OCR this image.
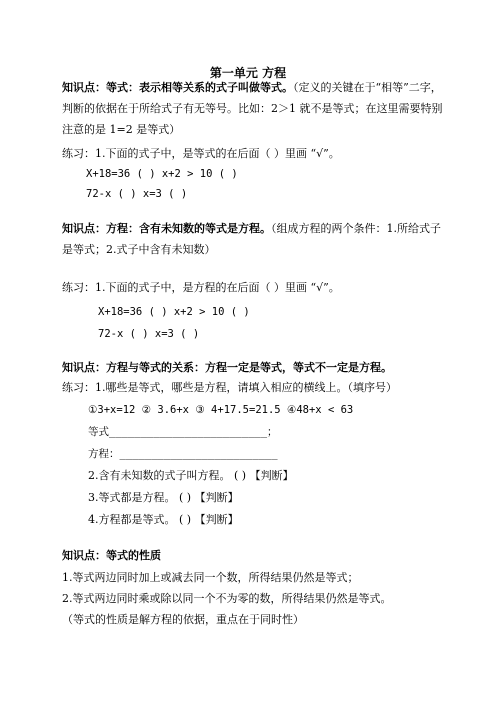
第一单元 方程
知识点：等式：表示相等关系的式子叫做等式。（定义的关键在于“相等”二字，判断的依据在于所给式子有无等号。比如：2＞1 就不是等式；在这里需要特别注意的是 1=2 是等式）
练习：1.下面的式子中，是等式的在后面（ ）里画 “√”。
X+18=36 ( ) x+2 > 10 ( )
72-x ( ) x=3 ( )
知识点：方程：含有未知数的等式是方程。（组成方程的两个条件：1.所给式子是等式；2.式子中含有未知数）
练习：1.下面的式子中，是方程的在后面（ ）里画 “√”。
X+18=36 ( ) x+2 > 10 ( )
72-x ( ) x=3 ( )
知识点：方程与等式的关系：方程一定是等式，等式不一定是方程。
练习：1.哪些是等式，哪些是方程，请填入相应的横线上。（填序号）
①3+x=12 ② 3.6+x ③ 4+17.5=21.5 ④48+x < 63
等式_________________________；
方程：_________________________
2.含有未知数的式子叫方程。 ( ) 【判断】
3.等式都是方程。 ( ) 【判断】
4.方程都是等式。 ( ) 【判断】
知识点：等式的性质
1.等式两边同时加上或减去同一个数，所得结果仍然是等式；
2.等式两边同时乘或除以同一个不为零的数，所得结果仍然是等式。
（等式的性质是解方程的依据，重点在于同时性）
